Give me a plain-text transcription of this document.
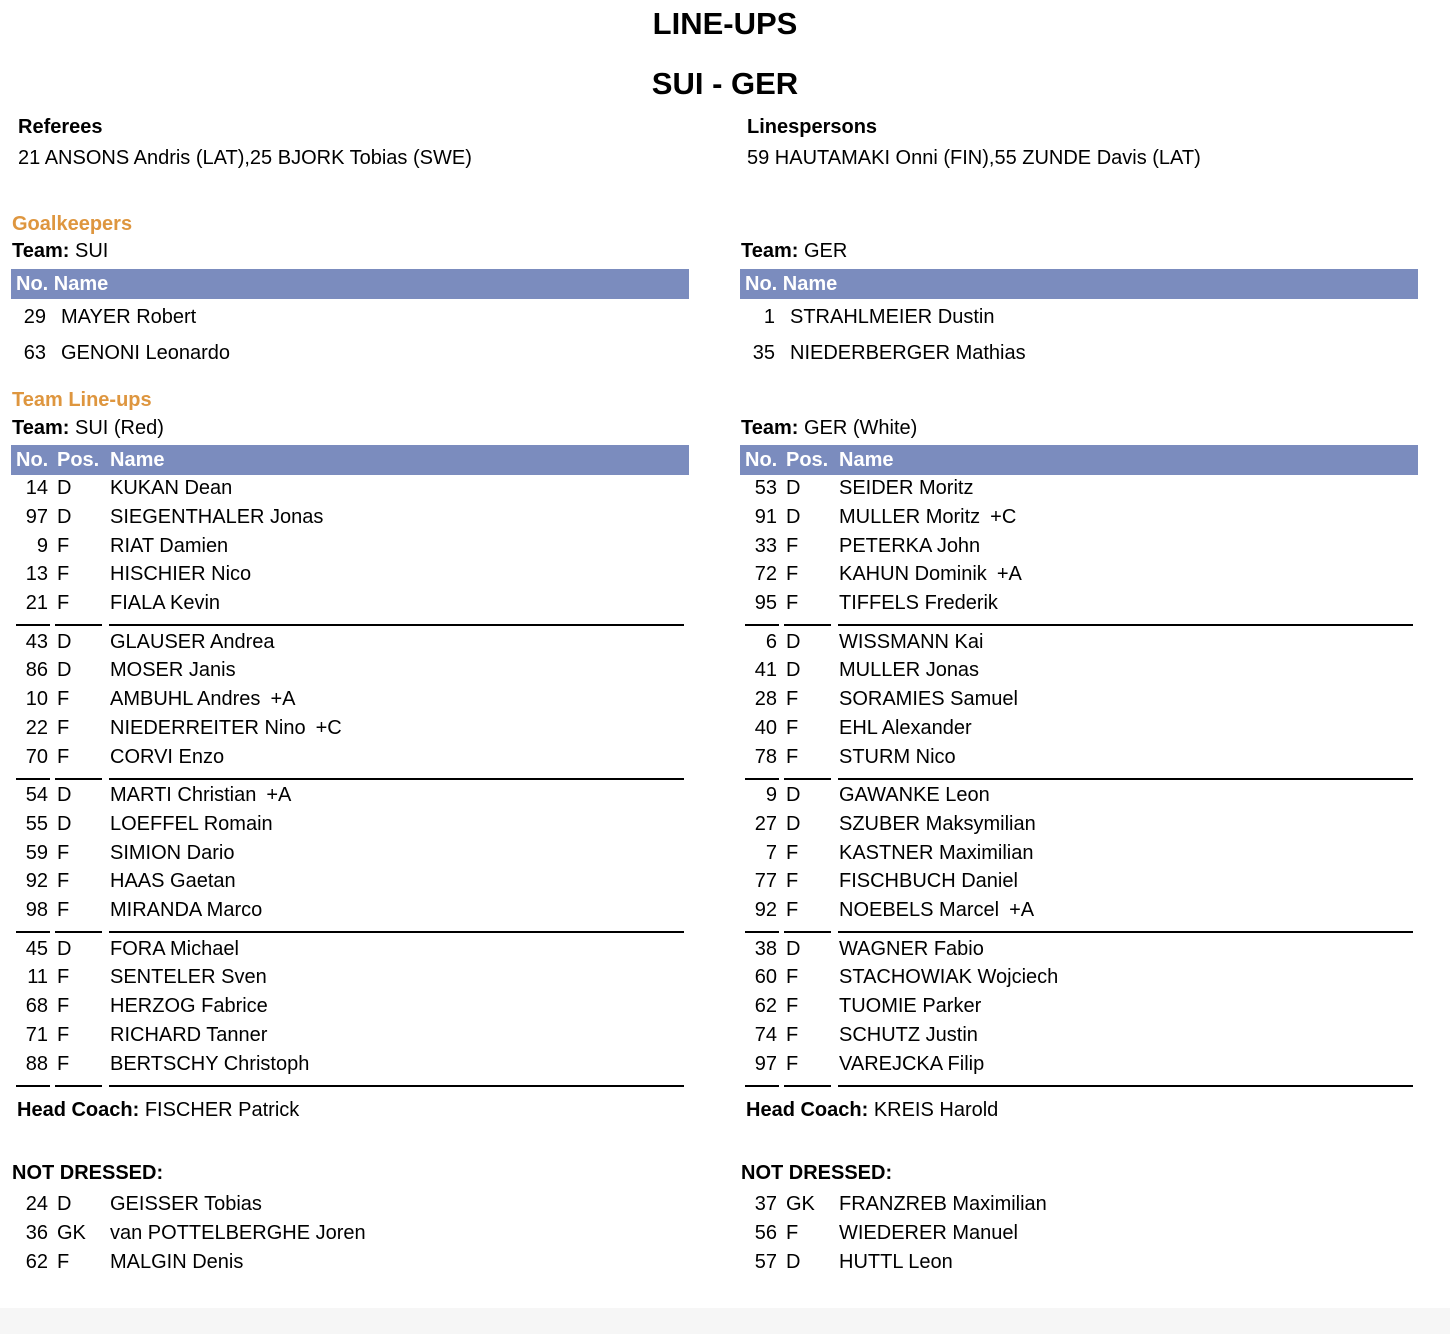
LINE-UPS
SUI - GER
Referees
21 ANSONS Andris (LAT),25 BJORK Tobias (SWE)
Linespersons
59 HAUTAMAKI Onni (FIN),55 ZUNDE Davis (LAT)
Goalkeepers
Team Line-ups
Team: SUI
No. Name
29 MAYER Robert
63 GENONI Leonardo
Team: SUI (Red)
No. Pos. Name
14 D KUKAN Dean
97 D SIEGENTHALER Jonas
9 F RIAT Damien
13 F HISCHIER Nico
21 F FIALA Kevin
43 D GLAUSER Andrea
86 D MOSER Janis
10 F AMBUHL Andres +A
22 F NIEDERREITER Nino +C
70 F CORVI Enzo
54 D MARTI Christian +A
55 D LOEFFEL Romain
59 F SIMION Dario
92 F HAAS Gaetan
98 F MIRANDA Marco
45 D FORA Michael
11 F SENTELER Sven
68 F HERZOG Fabrice
71 F RICHARD Tanner
88 F BERTSCHY Christoph
Head Coach: FISCHER Patrick
NOT DRESSED:
24 D GEISSER Tobias
36 GK van POTTELBERGHE Joren
62 F MALGIN Denis
Team: GER
No. Name
1 STRAHLMEIER Dustin
35 NIEDERBERGER Mathias
Team: GER (White)
No. Pos. Name
53 D SEIDER Moritz
91 D MULLER Moritz +C
33 F PETERKA John
72 F KAHUN Dominik +A
95 F TIFFELS Frederik
6 D WISSMANN Kai
41 D MULLER Jonas
28 F SORAMIES Samuel
40 F EHL Alexander
78 F STURM Nico
9 D GAWANKE Leon
27 D SZUBER Maksymilian
7 F KASTNER Maximilian
77 F FISCHBUCH Daniel
92 F NOEBELS Marcel +A
38 D WAGNER Fabio
60 F STACHOWIAK Wojciech
62 F TUOMIE Parker
74 F SCHUTZ Justin
97 F VAREJCKA Filip
Head Coach: KREIS Harold
NOT DRESSED:
37 GK FRANZREB Maximilian
56 F WIEDERER Manuel
57 D HUTTL Leon
